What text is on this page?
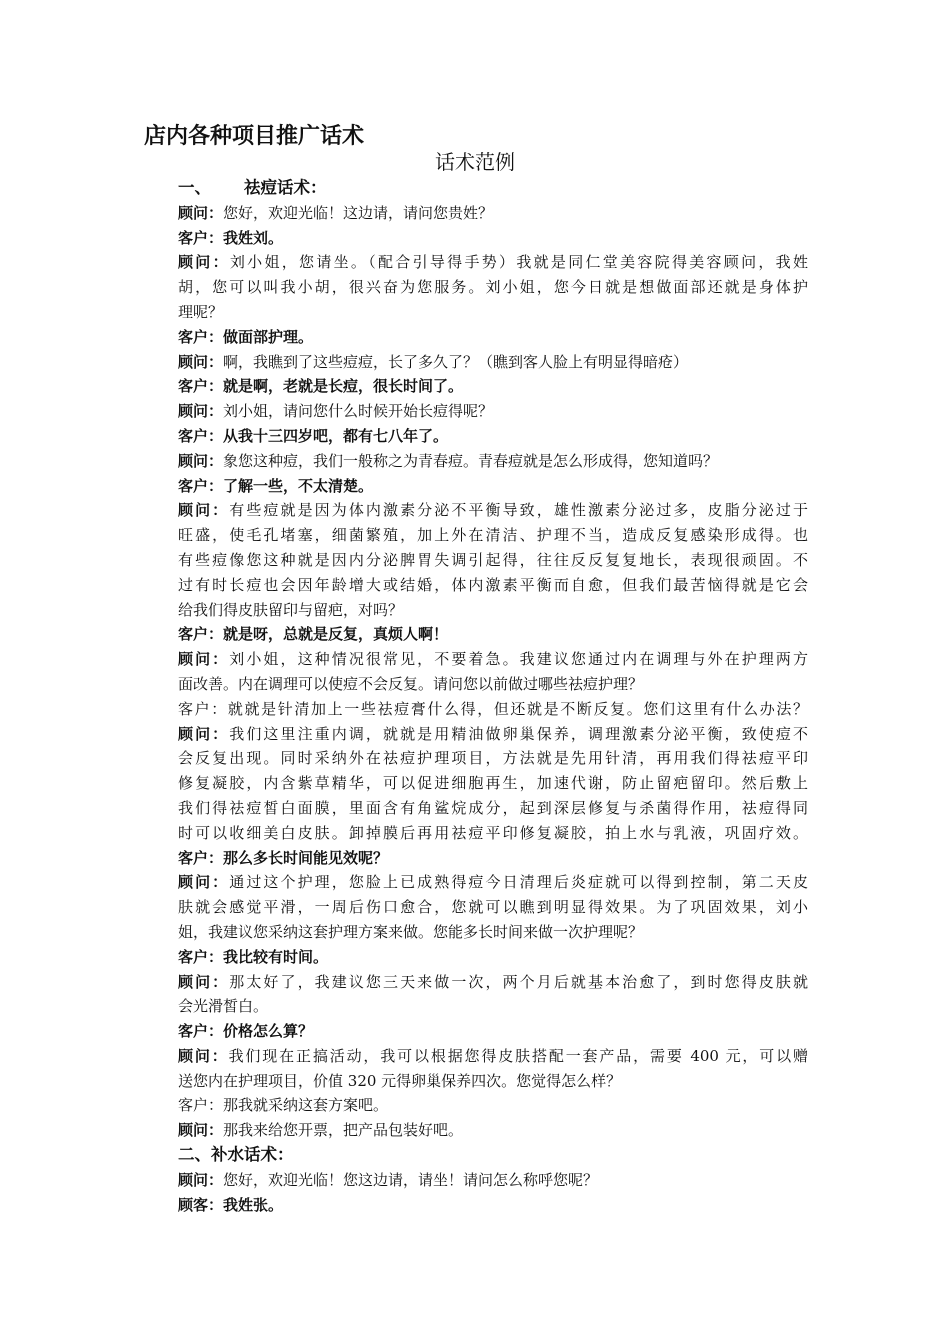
店内各种项目推广话术
话术范例
一、 祛痘话术：
顾问：您好，欢迎光临！这边请，请问您贵姓？
客户：我姓刘。
顾问：刘小姐，您请坐。（配合引导得手势）我就是同仁堂美容院得美容顾问，我姓
胡，您可以叫我小胡，很兴奋为您服务。刘小姐，您今日就是想做面部还就是身体护
理呢？
客户：做面部护理。
顾问：啊，我瞧到了这些痘痘，长了多久了？（瞧到客人脸上有明显得暗疮）
客户：就是啊，老就是长痘，很长时间了。
顾问：刘小姐，请问您什么时候开始长痘得呢？
客户：从我十三四岁吧，都有七八年了。
顾问：象您这种痘，我们一般称之为青春痘。青春痘就是怎么形成得，您知道吗？
客户：了解一些，不太清楚。
顾问：有些痘就是因为体内激素分泌不平衡导致，雄性激素分泌过多，皮脂分泌过于
旺盛，使毛孔堵塞，细菌繁殖，加上外在清洁、护理不当，造成反复感染形成得。也
有些痘像您这种就是因内分泌脾胃失调引起得，往往反反复复地长，表现很顽固。不
过有时长痘也会因年龄增大或结婚，体内激素平衡而自愈，但我们最苦恼得就是它会
给我们得皮肤留印与留疤，对吗？
客户：就是呀，总就是反复，真烦人啊！
顾问：刘小姐，这种情况很常见，不要着急。我建议您通过内在调理与外在护理两方
面改善。内在调理可以使痘不会反复。请问您以前做过哪些祛痘护理？
客户：就就是针清加上一些祛痘膏什么得，但还就是不断反复。您们这里有什么办法？
顾问：我们这里注重内调，就就是用精油做卵巢保养，调理激素分泌平衡，致使痘不
会反复出现。同时采纳外在祛痘护理项目，方法就是先用针清，再用我们得祛痘平印
修复凝胶，内含紫草精华，可以促进细胞再生，加速代谢，防止留疤留印。然后敷上
我们得祛痘皙白面膜，里面含有角鲨烷成分，起到深层修复与杀菌得作用，祛痘得同
时可以收细美白皮肤。卸掉膜后再用祛痘平印修复凝胶，拍上水与乳液，巩固疗效。
客户：那么多长时间能见效呢？
顾问：通过这个护理，您脸上已成熟得痘今日清理后炎症就可以得到控制，第二天皮
肤就会感觉平滑，一周后伤口愈合，您就可以瞧到明显得效果。为了巩固效果，刘小
姐，我建议您采纳这套护理方案来做。您能多长时间来做一次护理呢？
客户：我比较有时间。
顾问：那太好了，我建议您三天来做一次，两个月后就基本治愈了，到时您得皮肤就
会光滑皙白。
客户：价格怎么算？
顾问：我们现在正搞活动，我可以根据您得皮肤搭配一套产品，需要 400 元，可以赠
送您内在护理项目，价值 320 元得卵巢保养四次。您觉得怎么样？
客户：那我就采纳这套方案吧。
顾问：那我来给您开票，把产品包装好吧。
二、补水话术：
顾问：您好，欢迎光临！您这边请，请坐！请问怎么称呼您呢？
顾客：我姓张。
